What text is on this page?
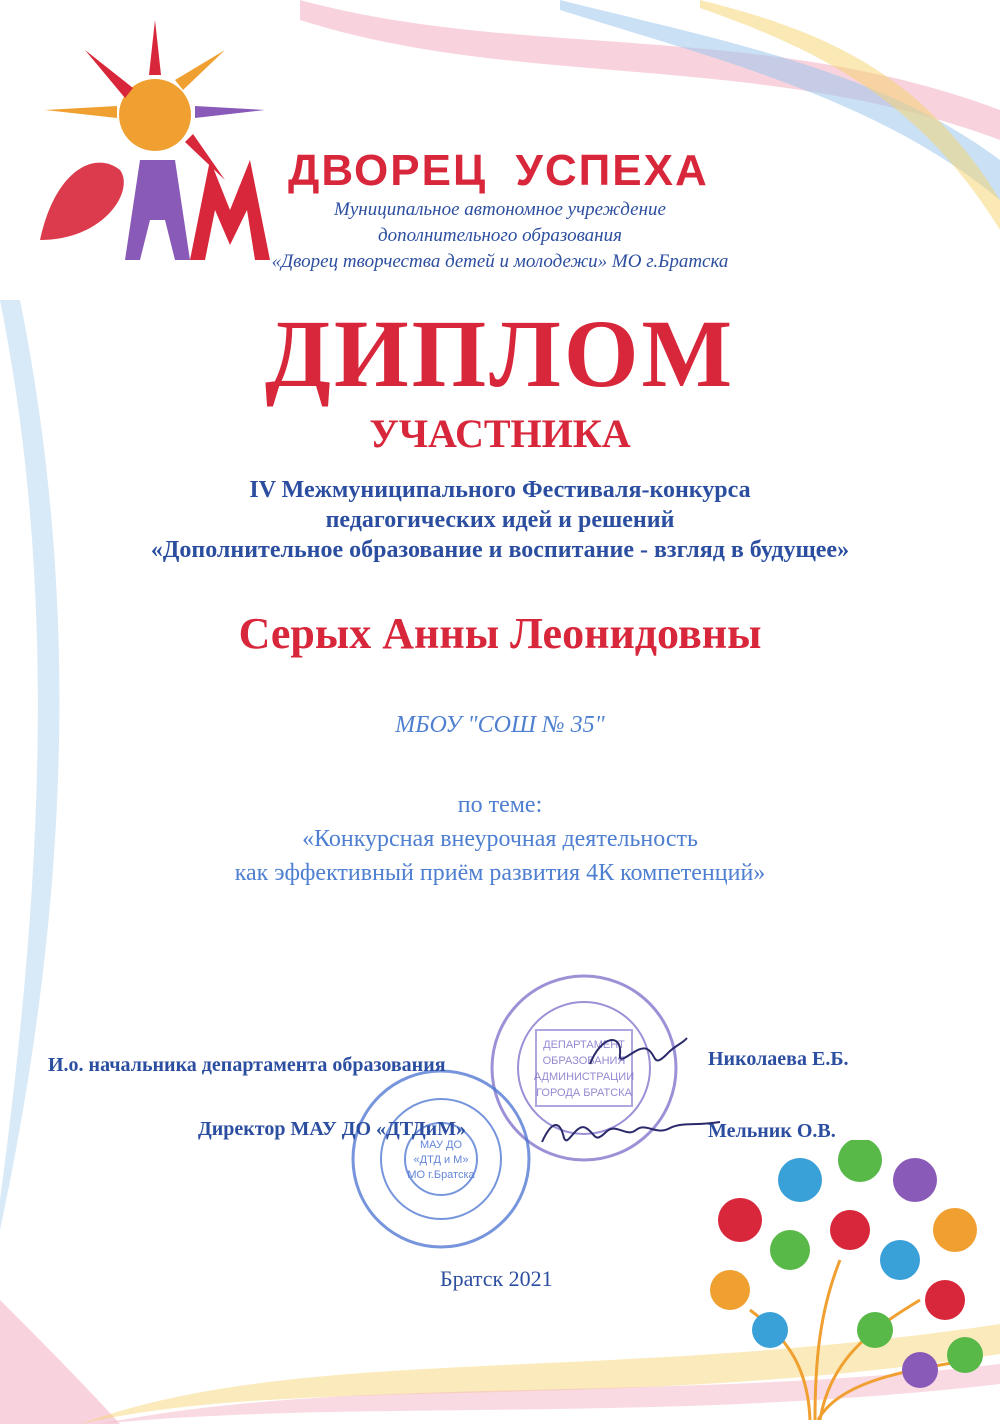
ДВОРЕЦ  УСПЕХА
Муниципальное автономное учреждение
дополнительного образования
«Дворец творчества детей и молодежи» МО г.Братска
ДИПЛОМ
УЧАСТНИКА
IV Межмуниципального Фестиваля-конкурса
педагогических идей и решений
«Дополнительное образование и воспитание - взгляд в будущее»
Серых Анны Леонидовны
МБОУ "СОШ № 35"
по теме:
«Конкурсная внеурочная деятельность
как эффективный приём развития 4К компетенций»
ДЕПАРТАМЕНТ
ОБРАЗОВАНИЯ
АДМИНИСТРАЦИИ
ГОРОДА БРАТСКА
МАУ ДО
«ДТД и М»
МО г.Братска
И.о. начальника департамента образования	Николаева Е.Б.
Директор МАУ ДО «ДТДиМ»	Мельник О.В.
Братск 2021
